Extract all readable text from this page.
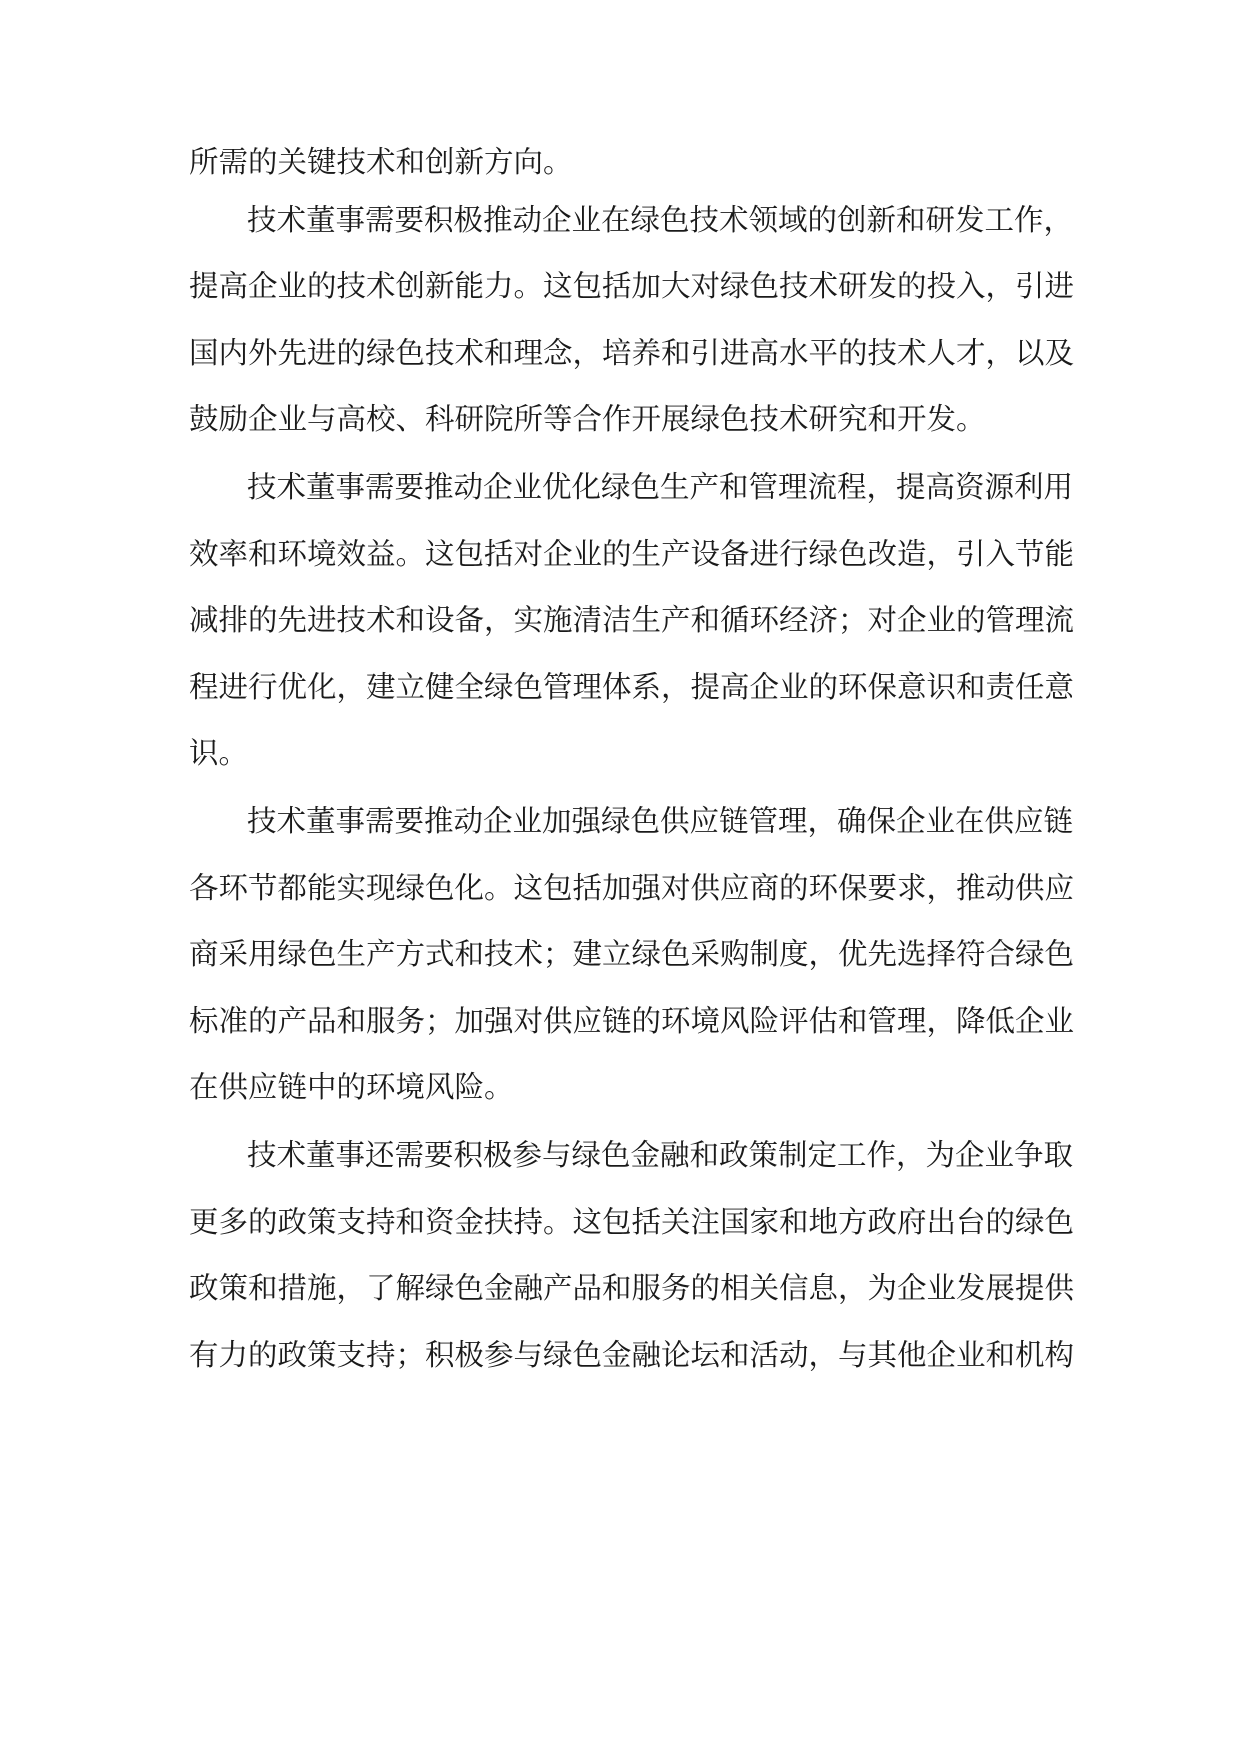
所需的关键技术和创新方向。

技术董事需要积极推动企业在绿色技术领域的创新和研发工作，

提高企业的技术创新能力。这包括加大对绿色技术研发的投入，引进

国内外先进的绿色技术和理念，培养和引进高水平的技术人才，以及

鼓励企业与高校、科研院所等合作开展绿色技术研究和开发。

技术董事需要推动企业优化绿色生产和管理流程，提高资源利用

效率和环境效益。这包括对企业的生产设备进行绿色改造，引入节能

减排的先进技术和设备，实施清洁生产和循环经济；对企业的管理流

程进行优化，建立健全绿色管理体系，提高企业的环保意识和责任意

识。

技术董事需要推动企业加强绿色供应链管理，确保企业在供应链

各环节都能实现绿色化。这包括加强对供应商的环保要求，推动供应

商采用绿色生产方式和技术；建立绿色采购制度，优先选择符合绿色

标准的产品和服务；加强对供应链的环境风险评估和管理，降低企业

在供应链中的环境风险。

技术董事还需要积极参与绿色金融和政策制定工作，为企业争取

更多的政策支持和资金扶持。这包括关注国家和地方政府出台的绿色

政策和措施，了解绿色金融产品和服务的相关信息，为企业发展提供

有力的政策支持；积极参与绿色金融论坛和活动，与其他企业和机构
